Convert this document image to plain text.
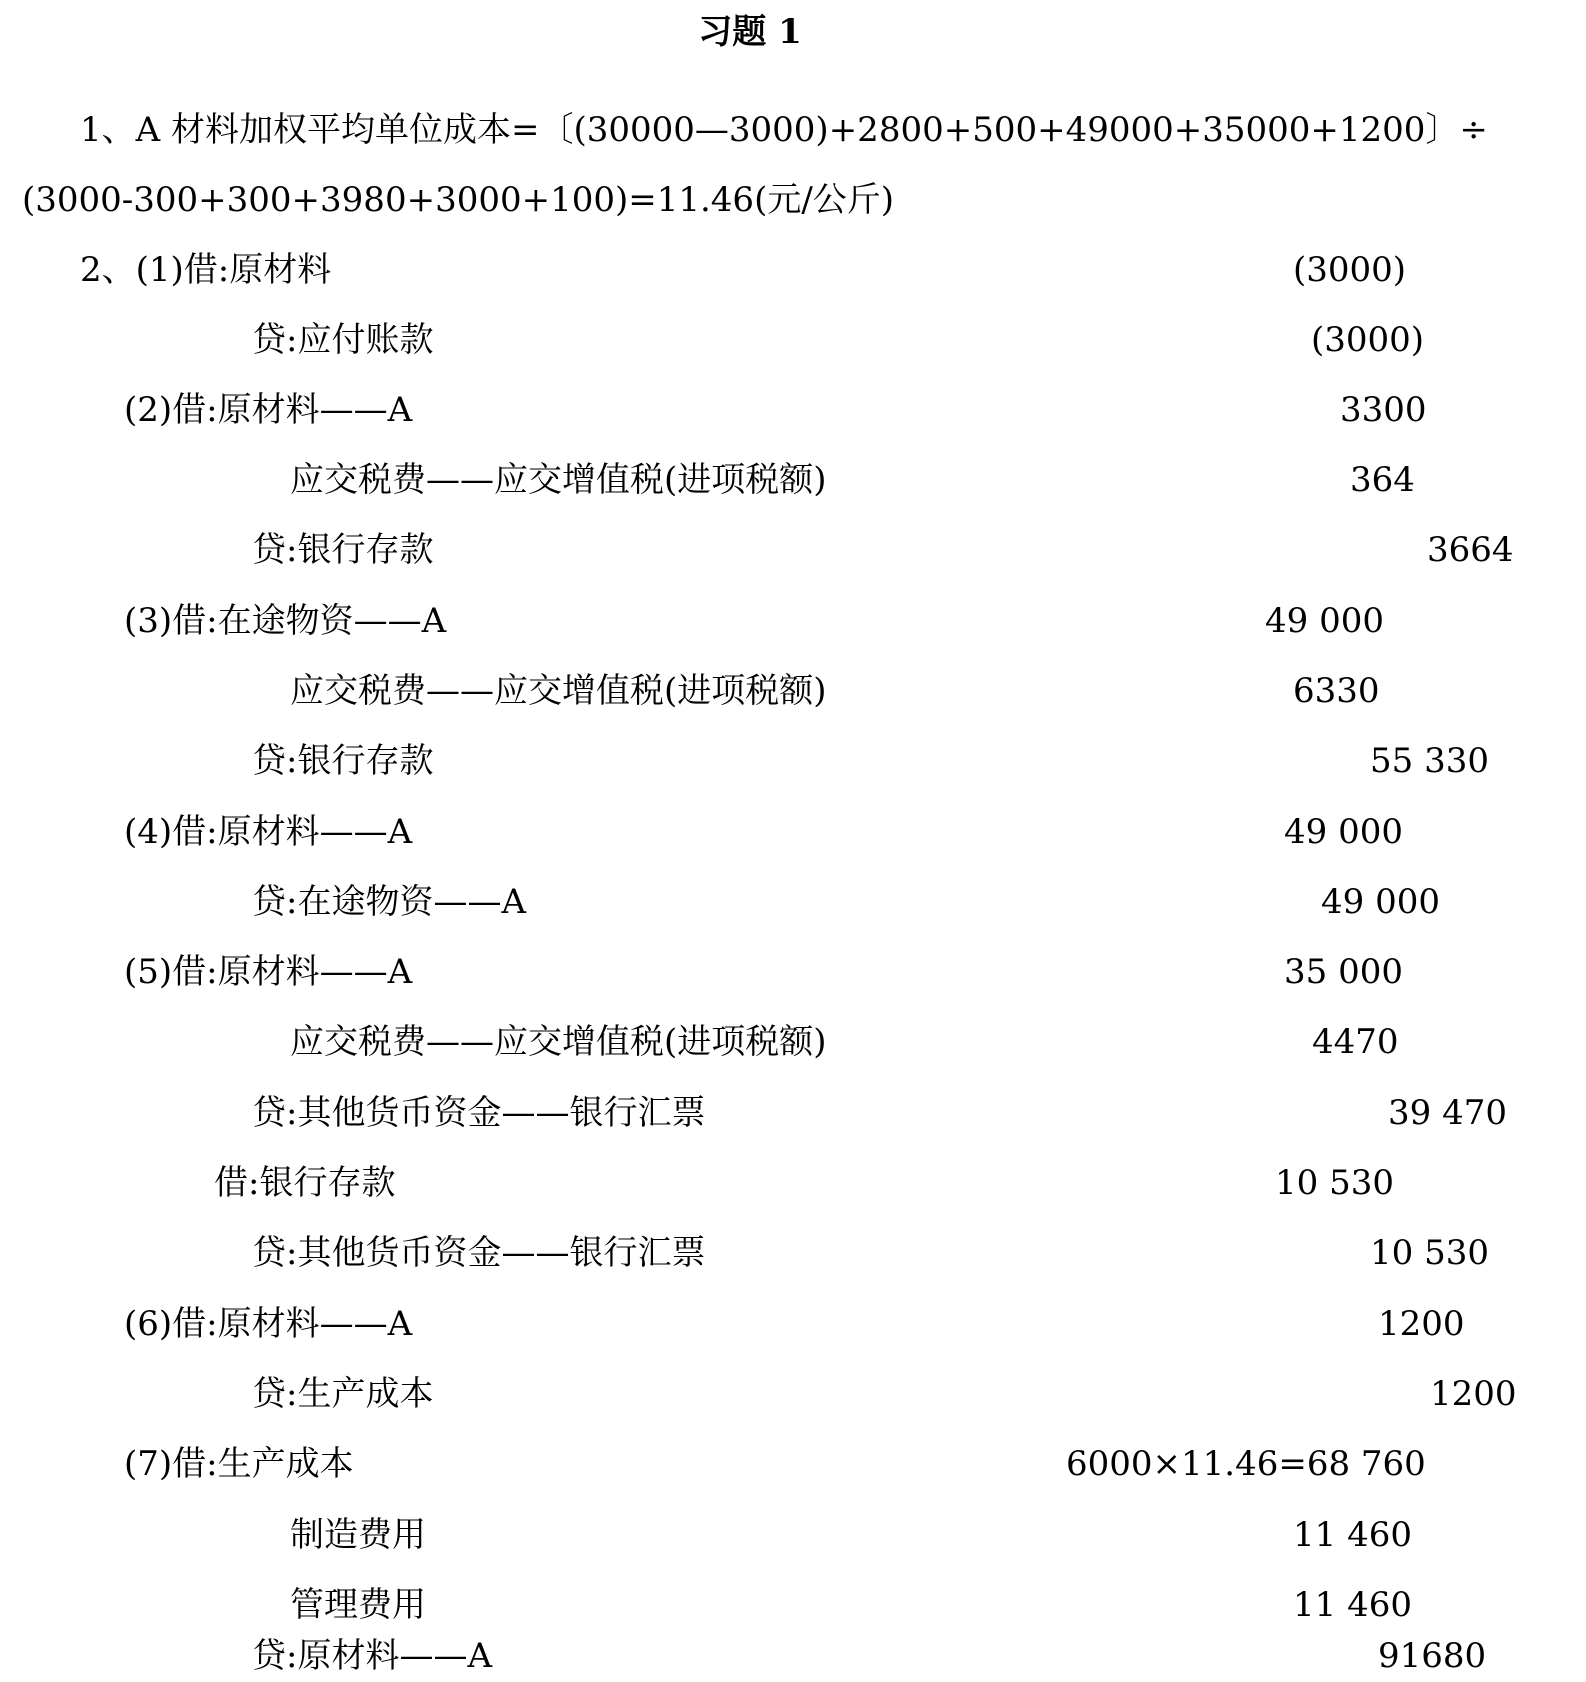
习题 1
1、A 材料加权平均单位成本=〔(30000—3000)+2800+500+49000+35000+1200〕÷
(3000-300+300+3980+3000+100)=11.46(元/公斤)
2、(1)借:原材料	(3000)
贷:应付账款	(3000)
(2)借:原材料——A	3300
应交税费——应交增值税(进项税额)	364
贷:银行存款	3664
(3)借:在途物资——A	49 000
应交税费——应交增值税(进项税额)	6330
贷:银行存款	55 330
(4)借:原材料——A	49 000
贷:在途物资——A	49 000
(5)借:原材料——A	35 000
应交税费——应交增值税(进项税额)	4470
贷:其他货币资金——银行汇票	39 470
借:银行存款	10 530
贷:其他货币资金——银行汇票	10 530
(6)借:原材料——A	1200
贷:生产成本	1200
(7)借:生产成本	6000×11.46=68 760
制造费用	11 460
管理费用	11 460
贷:原材料——A	91680
